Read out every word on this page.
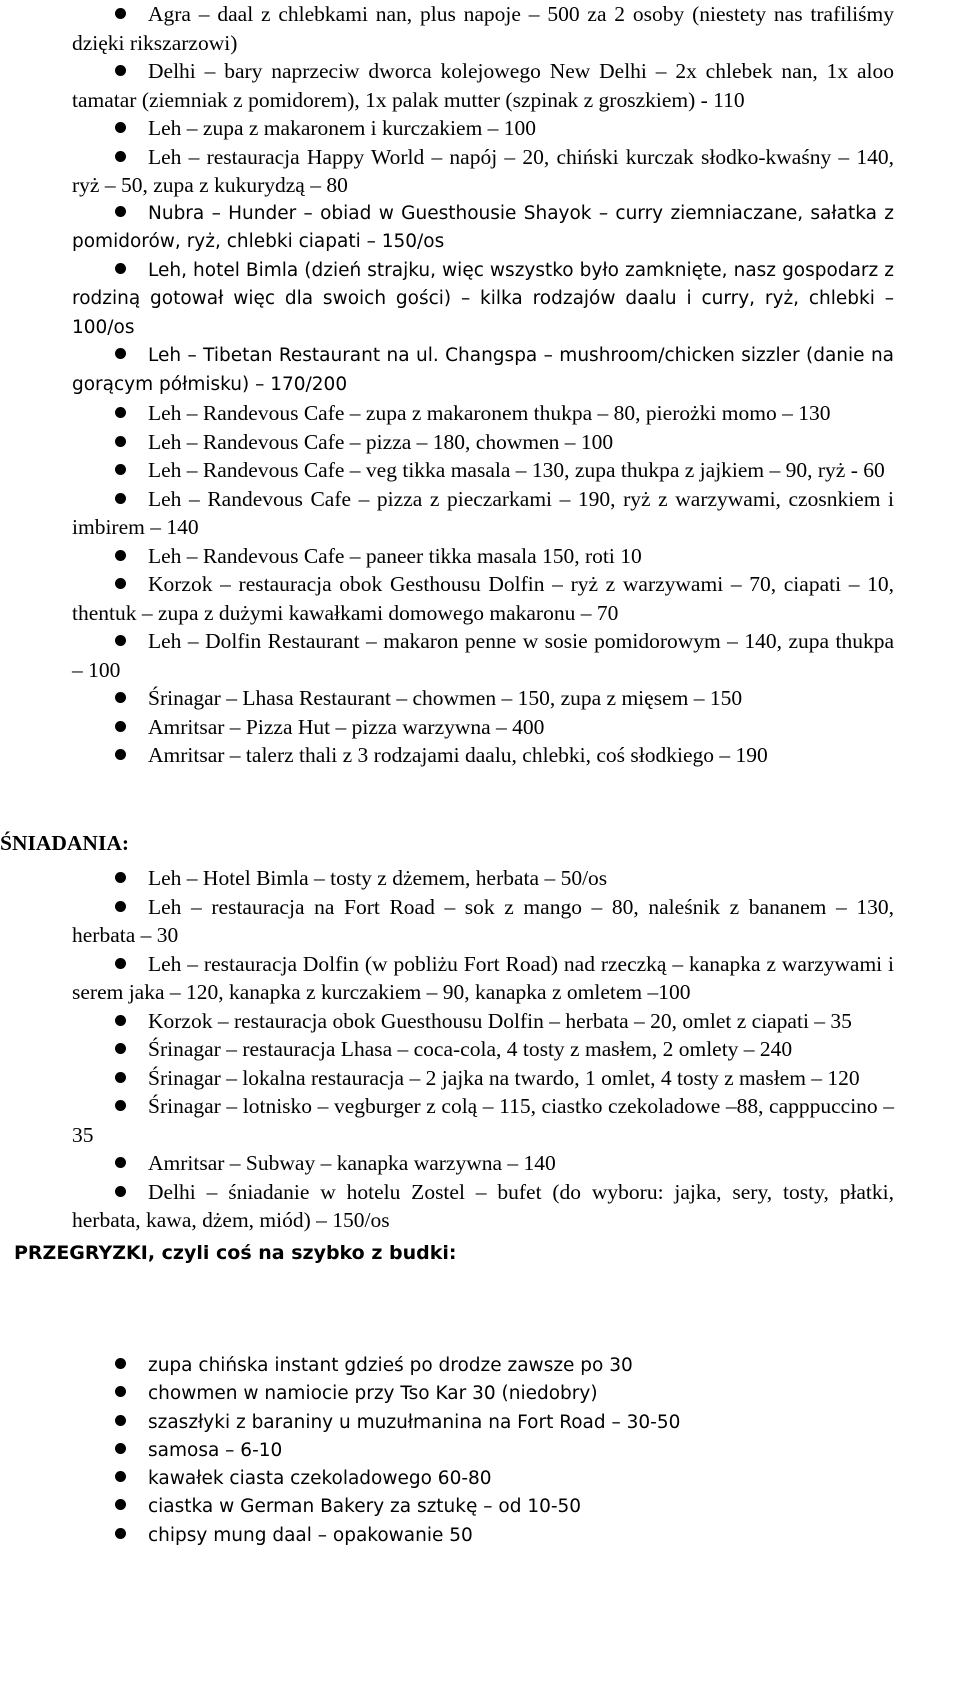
Agra – daal z chlebkami nan, plus napoje – 500 za 2 osoby (niestety nas trafiliśmy dzięki rikszarzowi)

Delhi – bary naprzeciw dworca kolejowego New Delhi – 2x chlebek nan, 1x aloo tamatar (ziemniak z pomidorem), 1x palak mutter (szpinak z groszkiem) - 110

Leh – zupa z makaronem i kurczakiem – 100

Leh – restauracja Happy World – napój – 20, chiński kurczak słodko-kwaśny – 140, ryż – 50, zupa z kukurydzą – 80

Nubra – Hunder – obiad w Guesthousie Shayok – curry ziemniaczane, sałatka z pomidorów, ryż, chlebki ciapati – 150/os

Leh, hotel Bimla (dzień strajku, więc wszystko było zamknięte, nasz gospodarz z rodziną gotował więc dla swoich gości) – kilka rodzajów daalu i curry, ryż, chlebki – 100/os

Leh – Tibetan Restaurant na ul. Changspa – mushroom/chicken sizzler (danie na gorącym półmisku) – 170/200

Leh – Randevous Cafe – zupa z makaronem thukpa – 80, pierożki momo – 130

Leh – Randevous Cafe – pizza – 180, chowmen – 100

Leh – Randevous Cafe – veg tikka masala – 130, zupa thukpa z jajkiem – 90, ryż - 60

Leh – Randevous Cafe – pizza z pieczarkami – 190, ryż z warzywami, czosnkiem i imbirem – 140

Leh – Randevous Cafe – paneer tikka masala 150, roti 10

Korzok – restauracja obok Gesthousu Dolfin – ryż z warzywami – 70, ciapati – 10, thentuk – zupa z dużymi kawałkami domowego makaronu – 70

Leh – Dolfin Restaurant – makaron penne w sosie pomidorowym – 140, zupa thukpa – 100

Śrinagar – Lhasa Restaurant – chowmen – 150, zupa z mięsem – 150

Amritsar – Pizza Hut – pizza warzywna – 400

Amritsar – talerz thali z 3 rodzajami daalu, chlebki, coś słodkiego – 190

ŚNIADANIA:

Leh – Hotel Bimla – tosty z dżemem, herbata – 50/os

Leh – restauracja na Fort Road – sok z mango – 80, naleśnik z bananem – 130, herbata – 30

Leh – restauracja Dolfin (w pobliżu Fort Road) nad rzeczką – kanapka z warzywami i serem jaka – 120, kanapka z kurczakiem – 90, kanapka z omletem –100

Korzok – restauracja obok Guesthousu Dolfin – herbata – 20, omlet z ciapati – 35

Śrinagar – restauracja Lhasa – coca-cola, 4 tosty z masłem, 2 omlety – 240

Śrinagar – lokalna restauracja – 2 jajka na twardo, 1 omlet, 4 tosty z masłem – 120

Śrinagar – lotnisko – vegburger z colą – 115, ciastko czekoladowe –88, capppuccino – 35

Amritsar – Subway – kanapka warzywna – 140

Delhi – śniadanie w hotelu Zostel – bufet (do wyboru: jajka, sery, tosty, płatki, herbata, kawa, dżem, miód) – 150/os

PRZEGRYZKI, czyli coś na szybko z budki:

zupa chińska instant gdzieś po drodze zawsze po 30

chowmen w namiocie przy Tso Kar 30 (niedobry)

szaszłyki z baraniny u muzułmanina na Fort Road – 30-50

samosa – 6-10

kawałek ciasta czekoladowego 60-80

ciastka w German Bakery za sztukę – od 10-50

chipsy mung daal – opakowanie 50
